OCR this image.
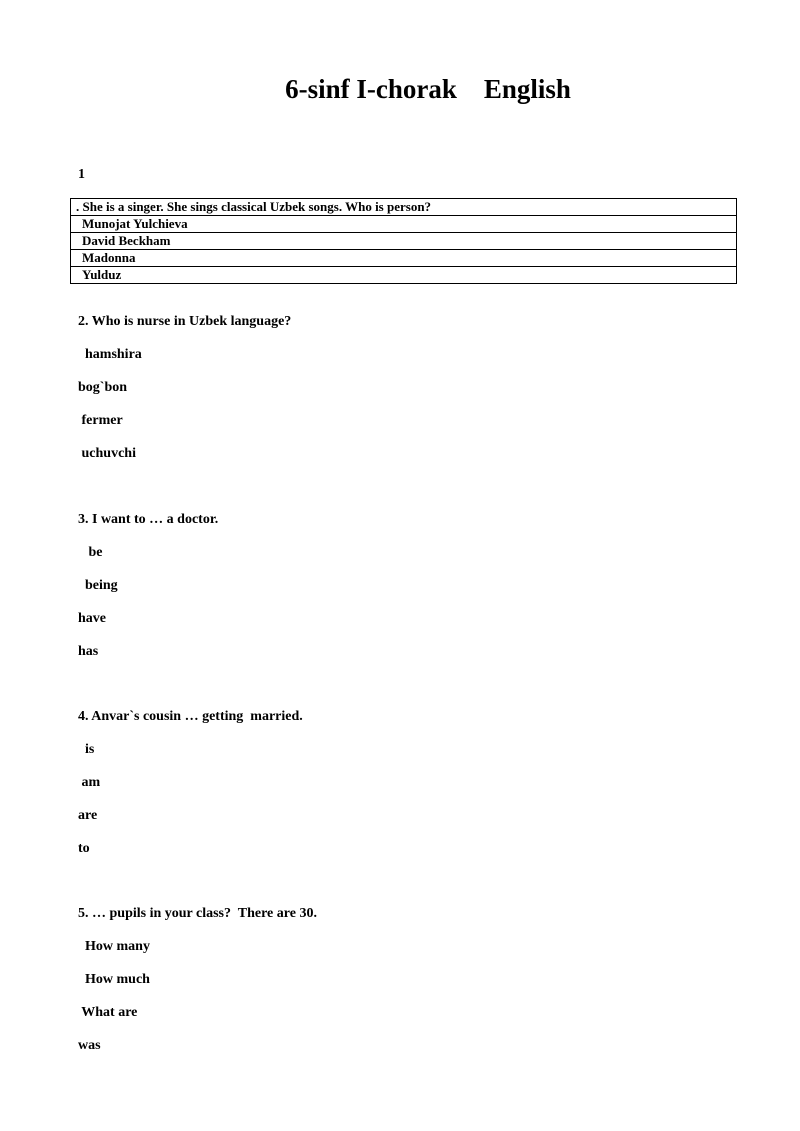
6-sinf I-chorak    English
1
. She is a singer. She sings classical Uzbek songs. Who is person?
Munojat Yulchieva
David Beckham
Madonna
Yulduz
2. Who is nurse in Uzbek language?
hamshira
bog`bon
fermer
uchuvchi
3. I want to … a doctor.
be
being
have
has
4. Anvar`s cousin … getting  married.
is
am
are
to
5. … pupils in your class?  There are 30.
How many
How much
What are
was
